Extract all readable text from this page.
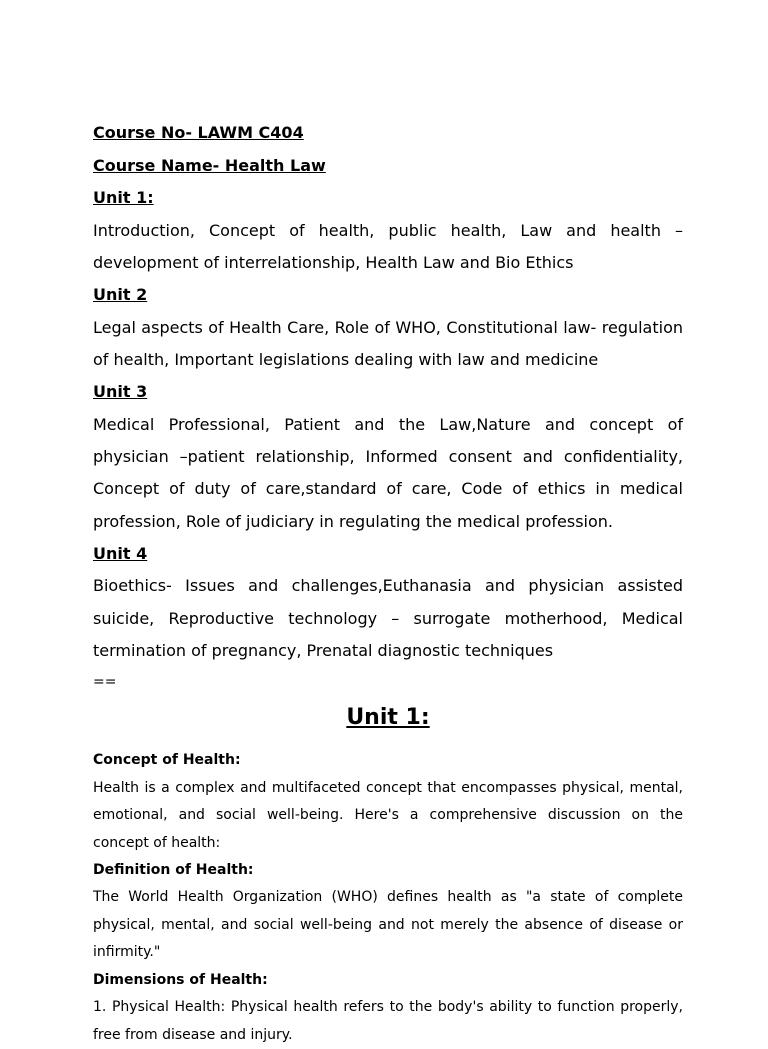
Course No- LAWM C404

Course Name- Health Law

Unit 1:

Introduction, Concept of health, public health, Law and health – development of interrelationship, Health Law and Bio Ethics

Unit 2

Legal aspects of Health Care, Role of WHO, Constitutional law- regulation of health, Important legislations dealing with law and medicine

Unit 3

Medical Professional, Patient and the Law,Nature and concept of physician –patient relationship, Informed consent and confidentiality, Concept of duty of care,standard of care, Code of ethics in medical profession, Role of judiciary in regulating the medical profession.

Unit 4

Bioethics- Issues and challenges,Euthanasia and physician assisted suicide, Reproductive technology – surrogate motherhood, Medical termination of pregnancy, Prenatal diagnostic techniques

==

Unit 1:

Concept of Health:

Health is a complex and multifaceted concept that encompasses physical, mental, emotional, and social well-being. Here's a comprehensive discussion on the concept of health:

Definition of Health:

The World Health Organization (WHO) defines health as "a state of complete physical, mental, and social well-being and not merely the absence of disease or infirmity."

Dimensions of Health:

1. Physical Health: Physical health refers to the body's ability to function properly, free from disease and injury.
